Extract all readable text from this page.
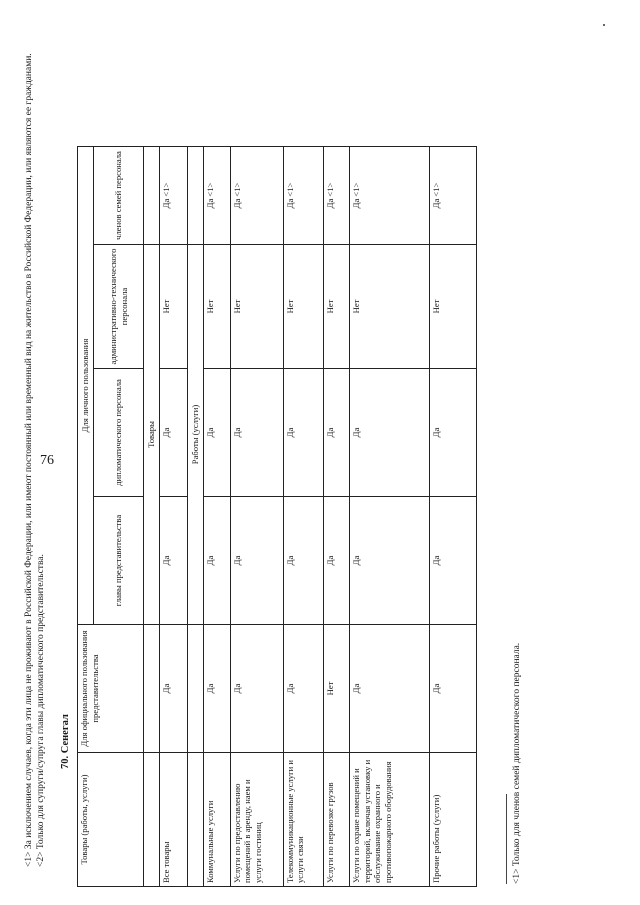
76

<1> За исключением случаев, когда эти лица не проживают в Российской Федерации, или имеют постоянный или временный вид на жительство в Российской Федерации, или являются ее гражданами. <2> Только для супруги/супруга главы дипломатического представительства. 70. Сенегал
Товары (работы, услуги)	Для официального пользования представительства	Для личного пользования			
		главы представительства	дипломатического персонала	административно-технического персонала	членов семей персонала
		Товары			
Все товары	Да	Да	Да	Нет	Да <1>
		Работы (услуги)			
Коммунальные услуги	Да	Да	Да	Нет	Да <1>
Услуги по предоставлению помещений в аренду, наем и услуги гостиниц	Да	Да	Да	Нет	Да <1>
Телекоммуникационные услуги и услуги связи	Да	Да	Да	Нет	Да <1>
Услуги по перевозке грузов	Нет	Да	Да	Нет	Да <1>
Услуги по охране помещений и территорий, включая установку и обслуживание охранного и противопожарного оборудования	Да	Да	Да	Нет	Да <1>
Прочие работы (услуги)	Да	Да	Да	Нет	Да <1>
<1> Только для членов семей дипломатического персонала.
